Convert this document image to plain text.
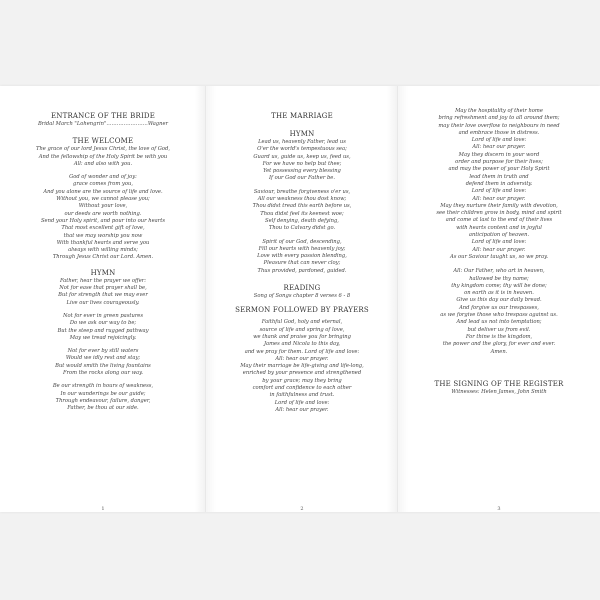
ENTRANCE OF THE BRIDE
Bridal March "Lohengrin"……………………Wagner
THE WELCOME
The grace of our lord Jesus Christ, the love of God,
And the fellowship of the Holy Spirit be with you
All: and also with you.
God of wonder and of joy:
grace comes from you,
And you alone are the source of life and love.
Without you, we cannot please you;
Without your love,
our deeds are worth nothing.
Send your Holy spirit, and pour into our hearts
That most excellent gift of love,
that we may worship you now
With thankful hearts and serve you
always with willing minds;
Through Jesus Christ our Lord. Amen.
HYMN
Father, hear the prayer we offer:
Not for ease that prayer shall be,
But for strength that we may ever
Live our lives courageously.
Not for ever in green pastures
Do we ask our way to be;
But the steep and rugged pathway
May we tread rejoicingly.
Not for ever by still waters
Would we idly rest and stay;
But would smith the living fountains
From the rocks along our way.
Be our strength in hours of weakness,
In our wanderings be our guide;
Through endeavour, failure, danger,
Father, be thou at our side.
1
THE MARRIAGE
HYMN
Lead us, heavenly Father, lead us
O'er the world's tempestuous sea;
Guard us, guide us, keep us, feed us,
For we have no help but thee;
Yet possessing every blessing
If our God our Father be.
Saviour, breathe forgiveness o'er us,
All our weakness thou dost know;
Thou didst tread this earth before us,
Thou didst feel its keenest woe;
Self denying, death defying,
Thou to Calvary didst go.
Spirit of our God, descending,
Fill our hearts with heavenly joy;
Love with every passion blending,
Pleasure that can never cloy;
Thus provided, pardoned, guided.
READING
Song of Songs chapter 8 verses 6 - 8
SERMON FOLLOWED BY PRAYERS
Faithful God, holy and eternal,
source of life and spring of love,
we thank and praise you for bringing
James and Nicola to this day,
and we pray for them. Lord of life and love:
All: hear our prayer.
May their marriage be life-giving and life-long,
enriched by your presence and strengthened
by your grace; may they bring
comfort and confidence to each other
in faithfulness and trust.
Lord of life and love:
All: hear our prayer.
2
May the hospitality of their home
bring refreshment and joy to all around them;
may their love overflow to neighbours in need
and embrace those in distress.
Lord of life and love:
All: hear our prayer.
May they discern in your word
order and purpose for their lives;
and may the power of your Holy Spirit
lead them in truth and
defend them in adversity.
Lord of life and love:
All: hear our prayer.
May they nurture their family with devotion,
see their children grow in body, mind and spirit
and come at last to the end of their lives
with hearts content and in joyful
anticipation of heaven.
Lord of life and love:
All: hear our prayer.
As our Saviour taught us, so we pray.
All: Our Father, who art in heaven,
hallowed be thy name;
thy kingdom come; thy will be done;
on earth as it is in heaven.
Give us this day our daily bread.
And forgive us our trespasses,
as we forgive those who trespass against us.
And lead us not into temptation;
but deliver us from evil.
For thine is the kingdom,
the power and the glory, for ever and ever.
Amen.
THE SIGNING OF THE REGISTER
Witnesses: Helen James, John Smith
3
